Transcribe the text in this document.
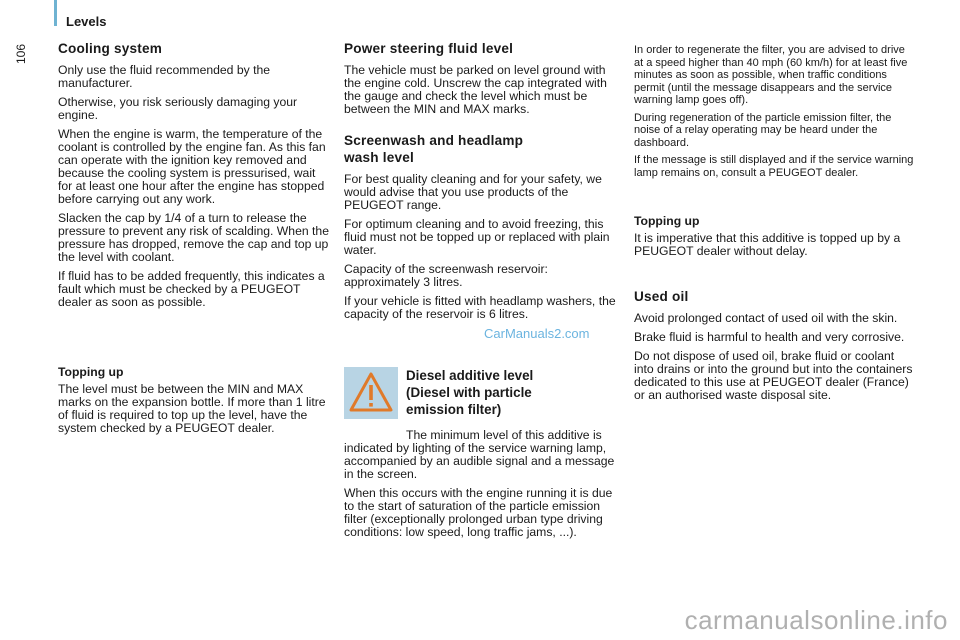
Levels
106 Cooling system

Only use the fluid recommended by the manufacturer.

Otherwise, you risk seriously damaging your engine.

When the engine is warm, the temperature of the coolant is controlled by the engine fan. As this fan can operate with the ignition key removed and because the cooling system is pressurised, wait for at least one hour after the engine has stopped before carrying out any work.

Slacken the cap by 1/4 of a turn to release the pressure to prevent any risk of scalding. When the pressure has dropped, remove the cap and top up the level with coolant.

If fluid has to be added frequently, this indicates a fault which must be checked by a PEUGEOT dealer as soon as possible.

Topping up

The level must be between the MIN and MAX marks on the expansion bottle. If more than 1 litre of fluid is required to top up the level, have the system checked by a PEUGEOT dealer.

Power steering fluid level

The vehicle must be parked on level ground with the engine cold. Unscrew the cap integrated with the gauge and check the level which must be between the MIN and MAX marks.

Screenwash and headlamp
wash level

For best quality cleaning and for your safety, we would advise that you use products of the PEUGEOT range.

For optimum cleaning and to avoid freezing, this fluid must not be topped up or replaced with plain water.

Capacity of the screenwash reservoir: approximately 3 litres.

If your vehicle is fitted with headlamp washers, the capacity of the reservoir is 6 litres.

Diesel additive level
(Diesel with particle
emission filter)

The minimum level of this additive is indicated by lighting of the service warning lamp, accompanied by an audible signal and a message in the screen.

When this occurs with the engine running it is due to the start of saturation of the particle emission filter (exceptionally prolonged urban type driving conditions: low speed, long traffic jams, ...).

In order to regenerate the filter, you are advised to drive at a speed higher than 40 mph (60 km/h) for at least five minutes as soon as possible, when traffic conditions permit (until the message disappears and the service warning lamp goes off).

During regeneration of the particle emission filter, the noise of a relay operating may be heard under the dashboard.

If the message is still displayed and if the service warning lamp remains on, consult a PEUGEOT dealer.

Topping up

It is imperative that this additive is topped up by a PEUGEOT dealer without delay.

Used oil

Avoid prolonged contact of used oil with the skin.

Brake fluid is harmful to health and very corrosive.

Do not dispose of used oil, brake fluid or coolant into drains or into the ground but into the containers dedicated to this use at PEUGEOT dealer (France) or an authorised waste disposal site.

CarManuals2.com
carmanualsonline.info
